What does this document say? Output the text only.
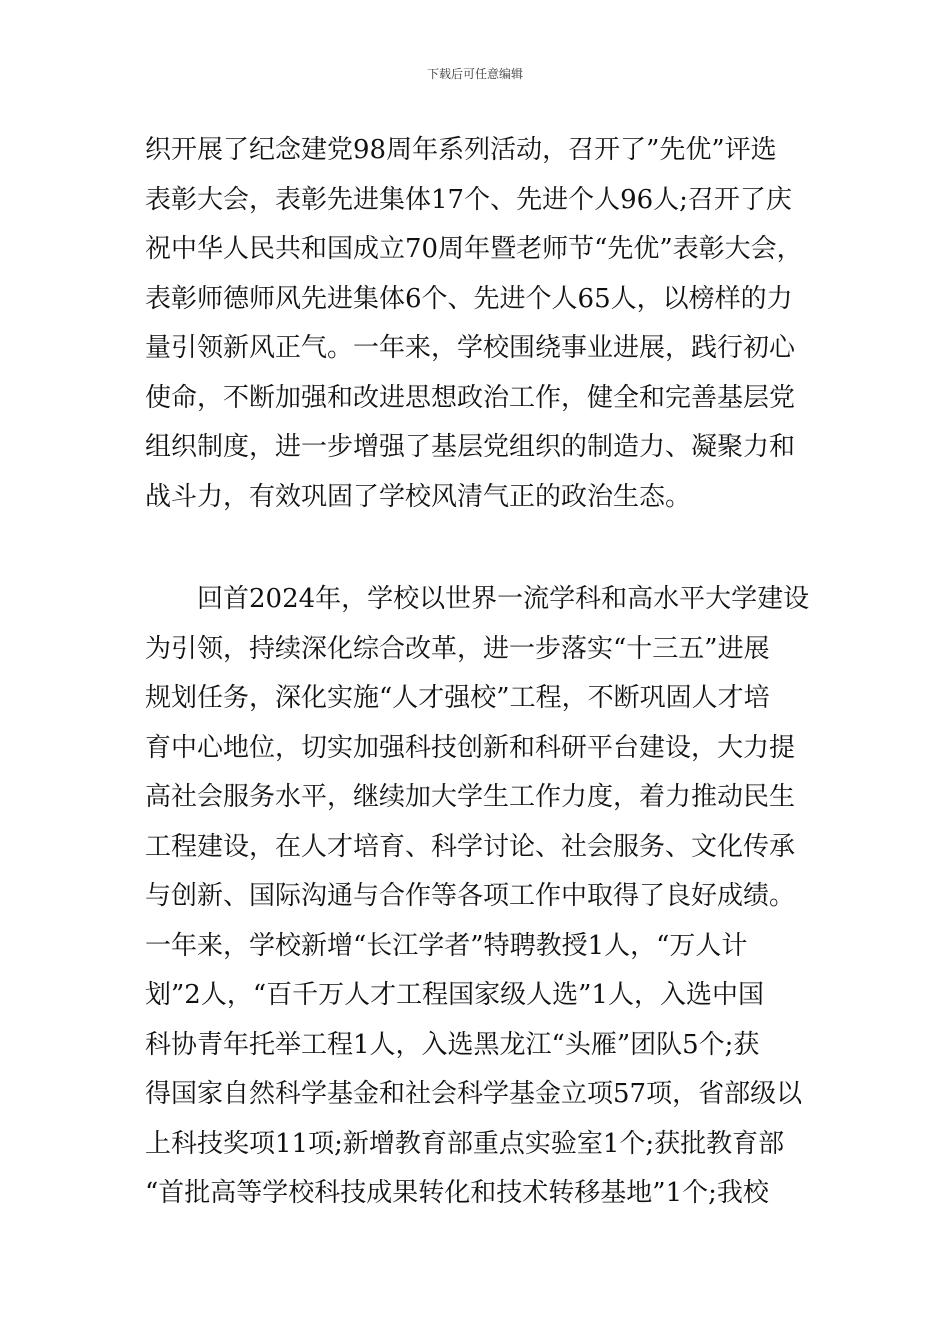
下载后可任意编辑
织开展了纪念建党98周年系列活动，召开了”先优”评选
表彰大会，表彰先进集体17个、先进个人96人;召开了庆
祝中华人民共和国成立70周年暨老师节“先优”表彰大会，
表彰师德师风先进集体6个、先进个人65人，以榜样的力
量引领新风正气。一年来，学校围绕事业进展，践行初心
使命，不断加强和改进思想政治工作，健全和完善基层党
组织制度，进一步增强了基层党组织的制造力、凝聚力和
战斗力，有效巩固了学校风清气正的政治生态。
　　回首2024年，学校以世界一流学科和高水平大学建设
为引领，持续深化综合改革，进一步落实“十三五”进展
规划任务，深化实施“人才强校”工程，不断巩固人才培
育中心地位，切实加强科技创新和科研平台建设，大力提
高社会服务水平，继续加大学生工作力度，着力推动民生
工程建设，在人才培育、科学讨论、社会服务、文化传承
与创新、国际沟通与合作等各项工作中取得了良好成绩。
一年来，学校新增“长江学者”特聘教授1人，“万人计
划”2人，“百千万人才工程国家级人选”1人，入选中国
科协青年托举工程1人，入选黑龙江“头雁”团队5个;获
得国家自然科学基金和社会科学基金立项57项，省部级以
上科技奖项11项;新增教育部重点实验室1个;获批教育部
“首批高等学校科技成果转化和技术转移基地”1个;我校
